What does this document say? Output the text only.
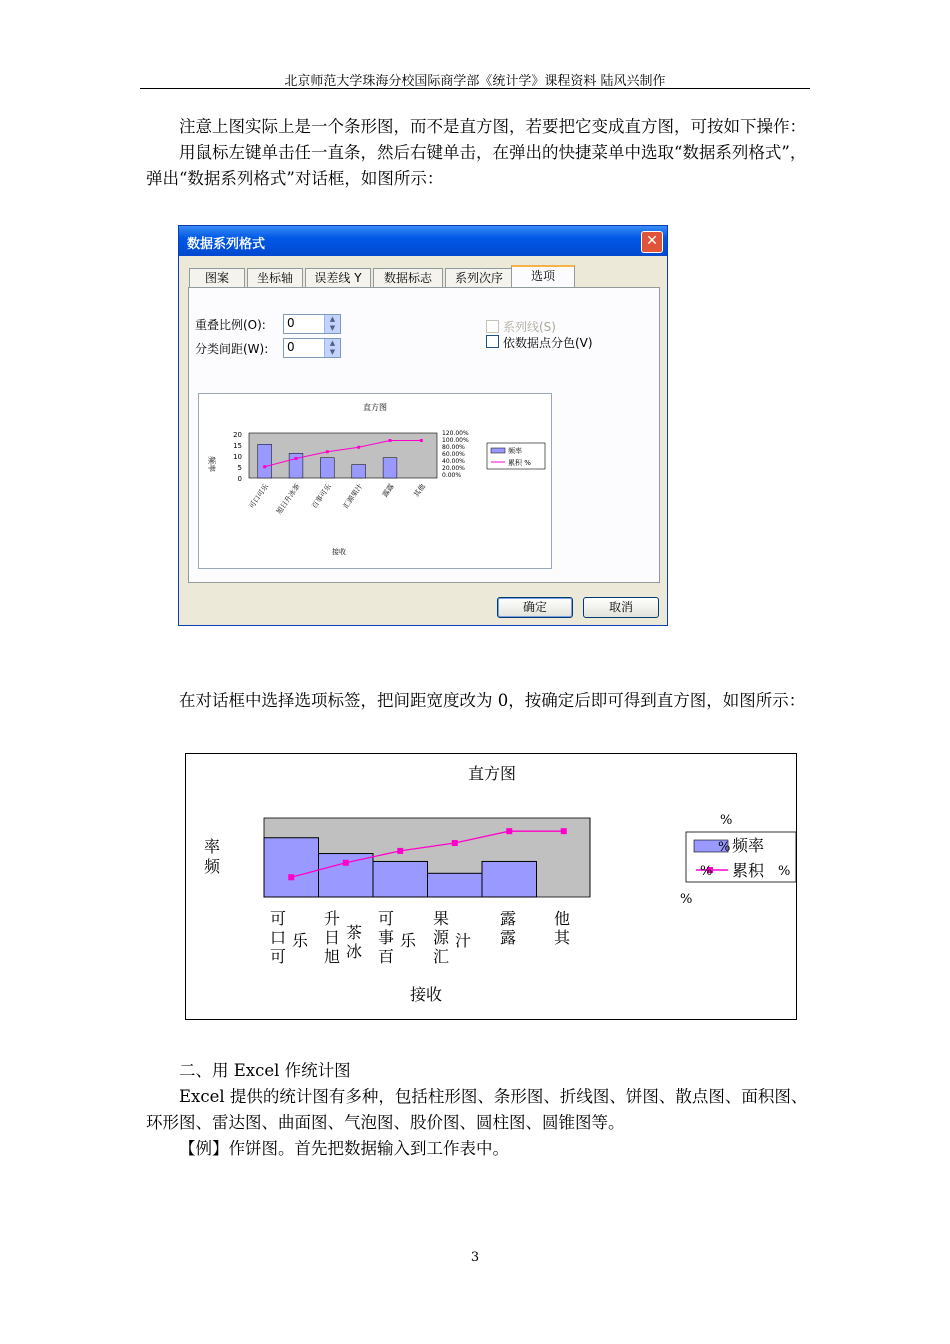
北京师范大学珠海分校国际商学部《统计学》课程资料 陆风兴制作

注意上图实际上是一个条形图，而不是直方图，若要把它变成直方图，可按如下操作：

用鼠标左键单击任一直条，然后右键单击，在弹出的快捷菜单中选取“数据系列格式”，弹出“数据系列格式”对话框，如图所示：

数据系列格式	✕
图案	坐标轴	误差线 Y	数据标志	系列次序	选项
重叠比例(O): 0	▲
▼
分类间距(W): 0	▲
▼
系列线(S)
依数据点分色(V)
直方图
频率
20
15
10
5
0
120.00%
100.00%
80.00%
60.00%
40.00%
20.00%
0.00%
频率
累积 %
可口可乐 旭日升冰茶 百事可乐 汇源果汁 露露 其他
接收
确定	取消

在对话框中选择选项标签，把间距宽度改为 0，按确定后即可得到直方图，如图所示：

直方图
率
频
可
口
可
乐
升
日
旭
茶
冰
可
事
百
乐
果
源
汇
汁
露
露
他
其
接收
%
%
% 频率
% 累积 %

二、用 Excel 作统计图

Excel 提供的统计图有多种，包括柱形图、条形图、折线图、饼图、散点图、面积图、环形图、雷达图、曲面图、气泡图、股价图、圆柱图、圆锥图等。

【例】作饼图。首先把数据输入到工作表中。

3
